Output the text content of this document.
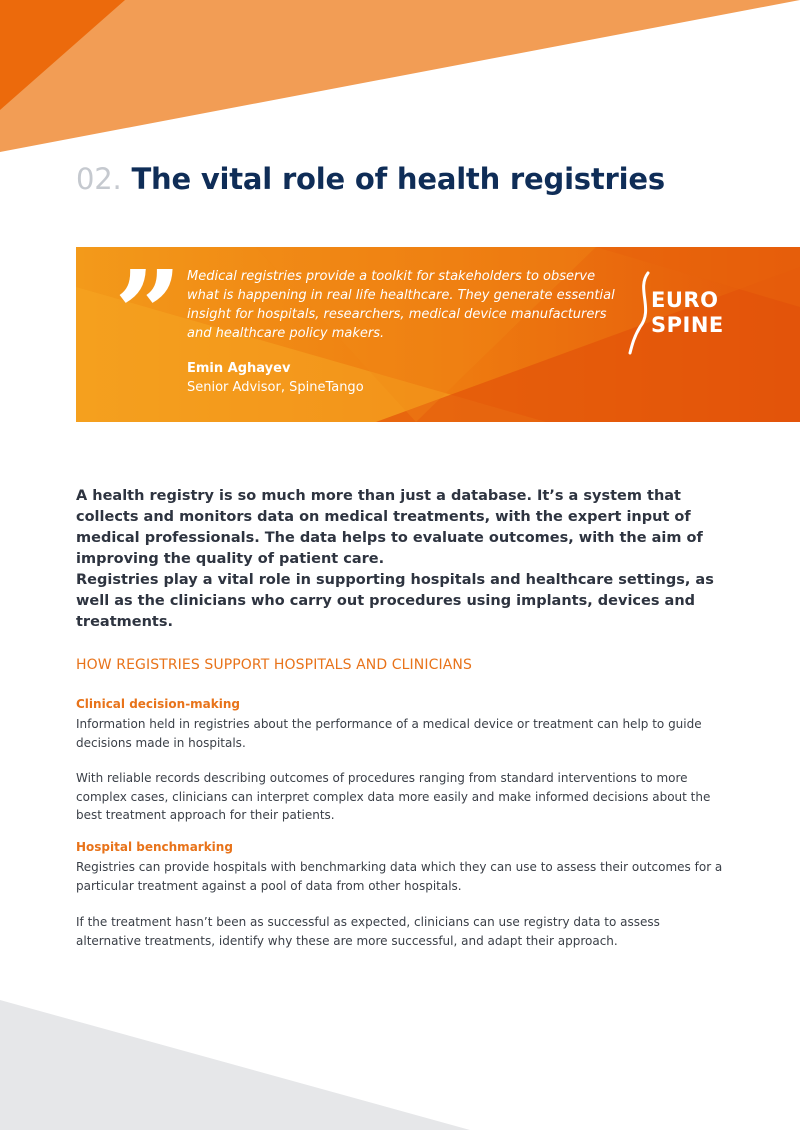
02. The vital role of health registries
” Medical registries provide a toolkit for stakeholders to observe what is happening in real life healthcare. They generate essential insight for hospitals, researchers, medical device manufacturers and healthcare policy makers.

Emin Aghayev

Senior Advisor, SpineTango

EURO
SPINE

A health registry is so much more than just a database. It’s a system that collects and monitors data on medical treatments, with the expert input of medical professionals. The data helps to evaluate outcomes, with the aim of improving the quality of patient care.

Registries play a vital role in supporting hospitals and healthcare settings, as well as the clinicians who carry out procedures using implants, devices and treatments.

HOW REGISTRIES SUPPORT HOSPITALS AND CLINICIANS
Clinical decision-making

Information held in registries about the performance of a medical device or treatment can help to guide decisions made in hospitals.

With reliable records describing outcomes of procedures ranging from standard interventions to more complex cases, clinicians can interpret complex data more easily and make informed decisions about the best treatment approach for their patients.

Hospital benchmarking

Registries can provide hospitals with benchmarking data which they can use to assess their outcomes for a particular treatment against a pool of data from other hospitals.

If the treatment hasn’t been as successful as expected, clinicians can use registry data to assess alternative treatments, identify why these are more successful, and adapt their approach.
